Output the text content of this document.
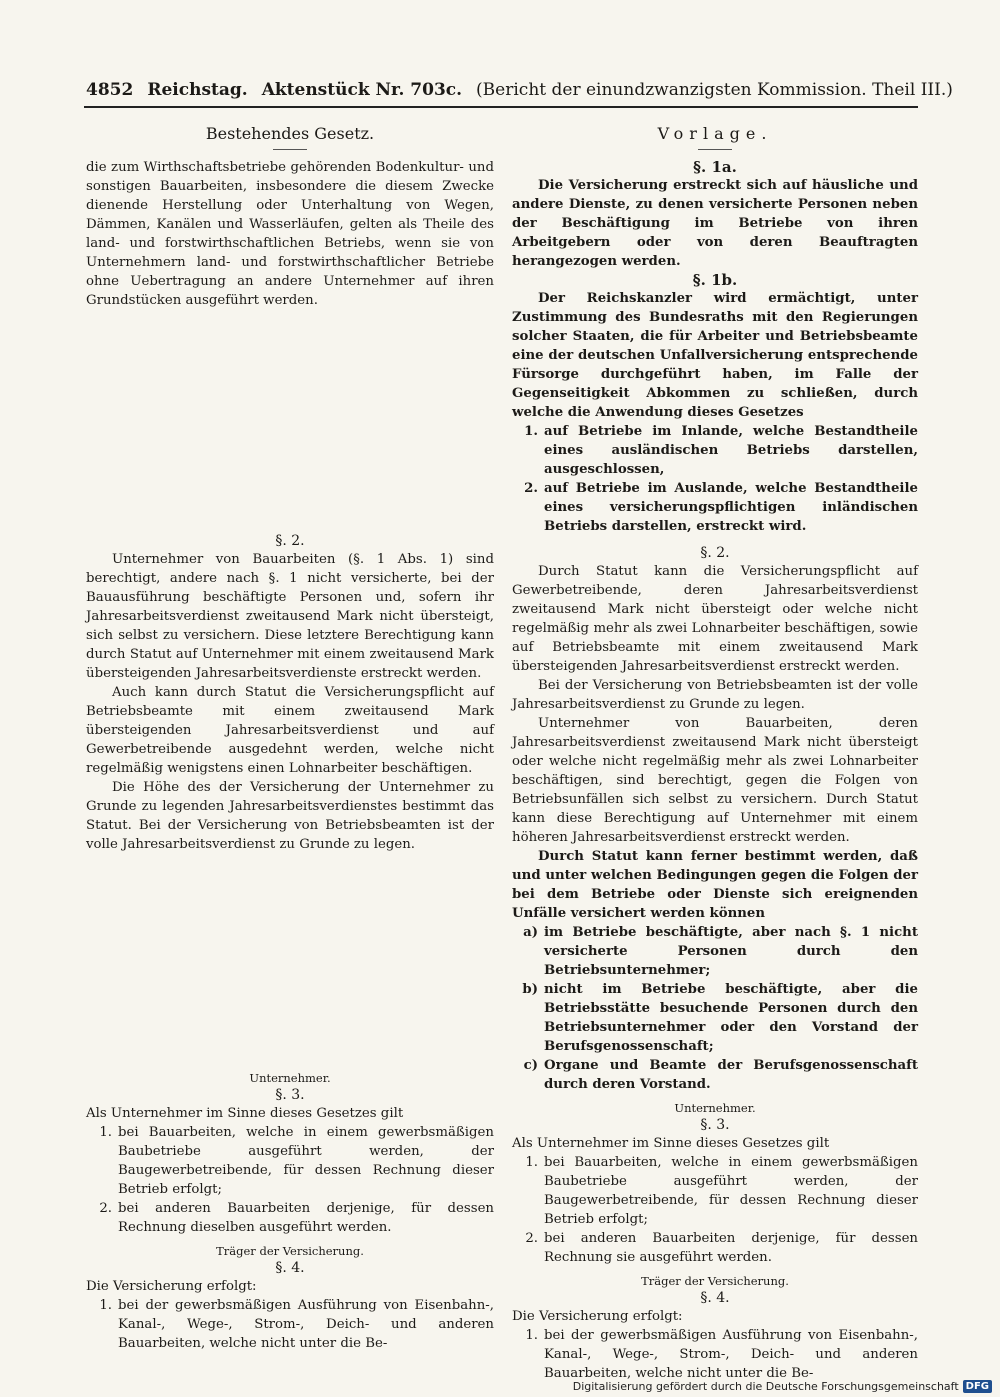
4852 Reichstag. Aktenstück Nr. 703c. (Bericht der einundzwanzigsten Kommission. Theil III.)
Bestehendes Gesetz.

die zum Wirthschaftsbetriebe gehörenden Bodenkultur- und sonstigen Bauarbeiten, insbesondere die diesem Zwecke dienende Herstellung oder Unterhaltung von Wegen, Dämmen, Kanälen und Wasserläufen, gelten als Theile des land- und forstwirthschaftlichen Betriebs, wenn sie von Unternehmern land- und forstwirthschaftlicher Betriebe ohne Uebertragung an andere Unternehmer auf ihren Grundstücken ausgeführt werden.

§. 2.

Unternehmer von Bauarbeiten (§. 1 Abs. 1) sind berechtigt, andere nach §. 1 nicht versicherte, bei der Bauausführung beschäftigte Personen und, sofern ihr Jahresarbeitsverdienst zweitausend Mark nicht übersteigt, sich selbst zu versichern. Diese letztere Berechtigung kann durch Statut auf Unternehmer mit einem zweitausend Mark übersteigenden Jahresarbeitsverdienste erstreckt werden.

Auch kann durch Statut die Versicherungspflicht auf Betriebsbeamte mit einem zweitausend Mark übersteigenden Jahresarbeitsverdienst und auf Gewerbetreibende ausgedehnt werden, welche nicht regelmäßig wenigstens einen Lohnarbeiter beschäftigen.

Die Höhe des der Versicherung der Unternehmer zu Grunde zu legenden Jahresarbeitsverdienstes bestimmt das Statut. Bei der Versicherung von Betriebsbeamten ist der volle Jahresarbeitsverdienst zu Grunde zu legen.

Unternehmer.
§. 3.

Als Unternehmer im Sinne dieses Gesetzes gilt

1. bei Bauarbeiten, welche in einem gewerbsmäßigen Baubetriebe ausgeführt werden, der Baugewerbetreibende, für dessen Rechnung dieser Betrieb erfolgt;
2. bei anderen Bauarbeiten derjenige, für dessen Rechnung dieselben ausgeführt werden.
Träger der Versicherung.
§. 4.

Die Versicherung erfolgt:

1. bei der gewerbsmäßigen Ausführung von Eisenbahn-, Kanal-, Wege-, Strom-, Deich- und anderen Bauarbeiten, welche nicht unter die Be-
Vorlage.
§. 1a.

Die Versicherung erstreckt sich auf häusliche und andere Dienste, zu denen versicherte Personen neben der Beschäftigung im Betriebe von ihren Arbeitgebern oder von deren Beauftragten herangezogen werden.

§. 1b.

Der Reichskanzler wird ermächtigt, unter Zustimmung des Bundesraths mit den Regierungen solcher Staaten, die für Arbeiter und Betriebsbeamte eine der deutschen Unfallversicherung entsprechende Fürsorge durchgeführt haben, im Falle der Gegenseitigkeit Abkommen zu schließen, durch welche die Anwendung dieses Gesetzes

1. auf Betriebe im Inlande, welche Bestandtheile eines ausländischen Betriebs darstellen, ausgeschlossen,
2. auf Betriebe im Auslande, welche Bestandtheile eines versicherungspflichtigen inländischen Betriebs darstellen, erstreckt wird.
§. 2.

Durch Statut kann die Versicherungspflicht auf Gewerbetreibende, deren Jahresarbeitsverdienst zweitausend Mark nicht übersteigt oder welche nicht regelmäßig mehr als zwei Lohnarbeiter beschäftigen, sowie auf Betriebsbeamte mit einem zweitausend Mark übersteigenden Jahresarbeitsverdienst erstreckt werden.

Bei der Versicherung von Betriebsbeamten ist der volle Jahresarbeitsverdienst zu Grunde zu legen.

Unternehmer von Bauarbeiten, deren Jahresarbeitsverdienst zweitausend Mark nicht übersteigt oder welche nicht regelmäßig mehr als zwei Lohnarbeiter beschäftigen, sind berechtigt, gegen die Folgen von Betriebsunfällen sich selbst zu versichern. Durch Statut kann diese Berechtigung auf Unternehmer mit einem höheren Jahresarbeitsverdienst erstreckt werden.

Durch Statut kann ferner bestimmt werden, daß und unter welchen Bedingungen gegen die Folgen der bei dem Betriebe oder Dienste sich ereignenden Unfälle versichert werden können

a) im Betriebe beschäftigte, aber nach §. 1 nicht versicherte Personen durch den Betriebsunternehmer;
b) nicht im Betriebe beschäftigte, aber die Betriebsstätte besuchende Personen durch den Betriebsunternehmer oder den Vorstand der Berufsgenossenschaft;
c) Organe und Beamte der Berufsgenossenschaft durch deren Vorstand.
Unternehmer.
§. 3.

Als Unternehmer im Sinne dieses Gesetzes gilt

1. bei Bauarbeiten, welche in einem gewerbsmäßigen Baubetriebe ausgeführt werden, der Baugewerbetreibende, für dessen Rechnung dieser Betrieb erfolgt;
2. bei anderen Bauarbeiten derjenige, für dessen Rechnung sie ausgeführt werden.
Träger der Versicherung.
§. 4.

Die Versicherung erfolgt:

1. bei der gewerbsmäßigen Ausführung von Eisenbahn-, Kanal-, Wege-, Strom-, Deich- und anderen Bauarbeiten, welche nicht unter die Be-
Digitalisierung gefördert durch die Deutsche Forschungsgemeinschaft DFG
